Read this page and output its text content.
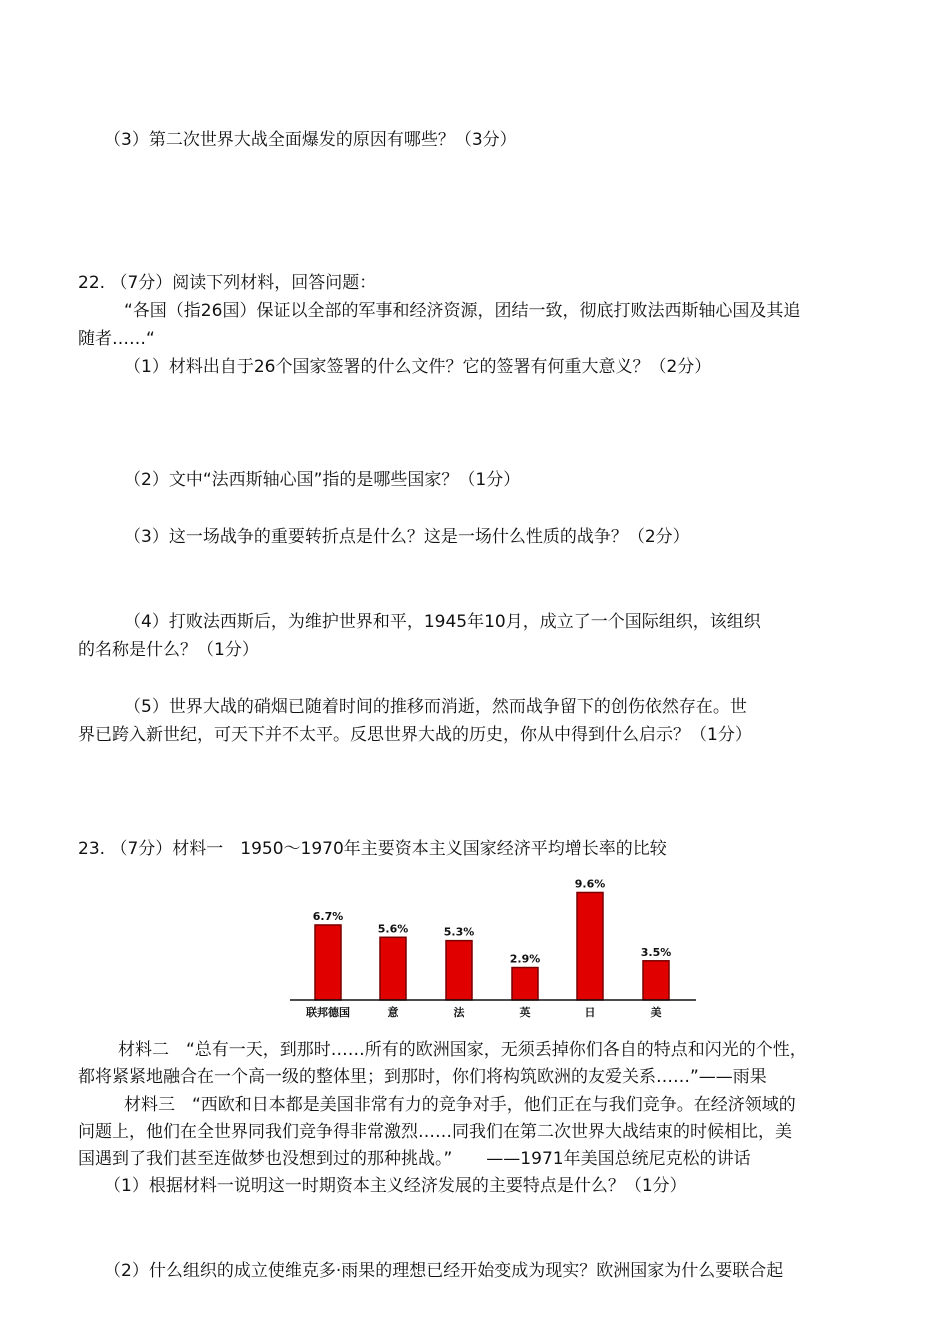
（3）第二次世界大战全面爆发的原因有哪些？（3分）
22. （7分）阅读下列材料，回答问题：
“各国（指26国）保证以全部的军事和经济资源，团结一致，彻底打败法西斯轴心国及其追
随者……“
（1）材料出自于26个国家签署的什么文件？它的签署有何重大意义？（2分）
（2）文中“法西斯轴心国”指的是哪些国家？（1分）
（3）这一场战争的重要转折点是什么？这是一场什么性质的战争？（2分）
（4）打败法西斯后，为维护世界和平，1945年10月，成立了一个国际组织，该组织
的名称是什么？（1分）
（5）世界大战的硝烟已随着时间的推移而消逝，然而战争留下的创伤依然存在。世
界已跨入新世纪，可天下并不太平。反思世界大战的历史，你从中得到什么启示？（1分）
23. （7分）材料一　1950～1970年主要资本主义国家经济平均增长率的比较
6.7%
5.6%	5.3%
2.9%
9.6%
3.5%
联邦德国	意	法	英	日	美
材料二　“总有一天，到那时……所有的欧洲国家，无须丢掉你们各自的特点和闪光的个性，
都将紧紧地融合在一个高一级的整体里；到那时，你们将构筑欧洲的友爱关系……”——雨果
材料三　“西欧和日本都是美国非常有力的竞争对手，他们正在与我们竞争。在经济领域的
问题上，他们在全世界同我们竞争得非常激烈……同我们在第二次世界大战结束的时候相比，美
国遇到了我们甚至连做梦也没想到过的那种挑战。”　　——1971年美国总统尼克松的讲话
（1）根据材料一说明这一时期资本主义经济发展的主要特点是什么？（1分）
（2）什么组织的成立使维克多·雨果的理想已经开始变成为现实？欧洲国家为什么要联合起
